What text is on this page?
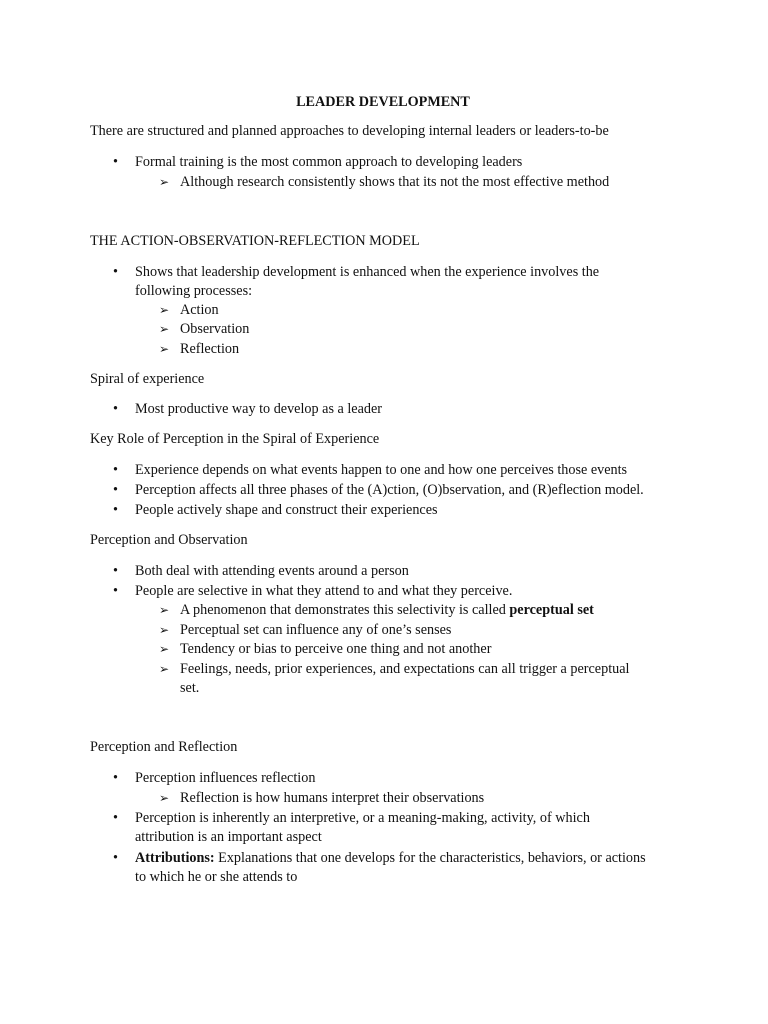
LEADER DEVELOPMENT
There are structured and planned approaches to developing internal leaders or leaders-to-be
• Formal training is the most common approach to developing leaders
➢ Although research consistently shows that its not the most effective method
THE ACTION-OBSERVATION-REFLECTION MODEL
• Shows that leadership development is enhanced when the experience involves the
following processes:
➢ Action
➢ Observation
➢ Reflection
Spiral of experience
• Most productive way to develop as a leader
Key Role of Perception in the Spiral of Experience
• Experience depends on what events happen to one and how one perceives those events
• Perception affects all three phases of the (A)ction, (O)bservation, and (R)eflection model.
• People actively shape and construct their experiences
Perception and Observation
• Both deal with attending events around a person
• People are selective in what they attend to and what they perceive.
➢ A phenomenon that demonstrates this selectivity is called perceptual set
➢ Perceptual set can influence any of one’s senses
➢ Tendency or bias to perceive one thing and not another
➢ Feelings, needs, prior experiences, and expectations can all trigger a perceptual
set.
Perception and Reflection
• Perception influences reflection
➢ Reflection is how humans interpret their observations
• Perception is inherently an interpretive, or a meaning-making, activity, of which
attribution is an important aspect
• Attributions: Explanations that one develops for the characteristics, behaviors, or actions
to which he or she attends to
